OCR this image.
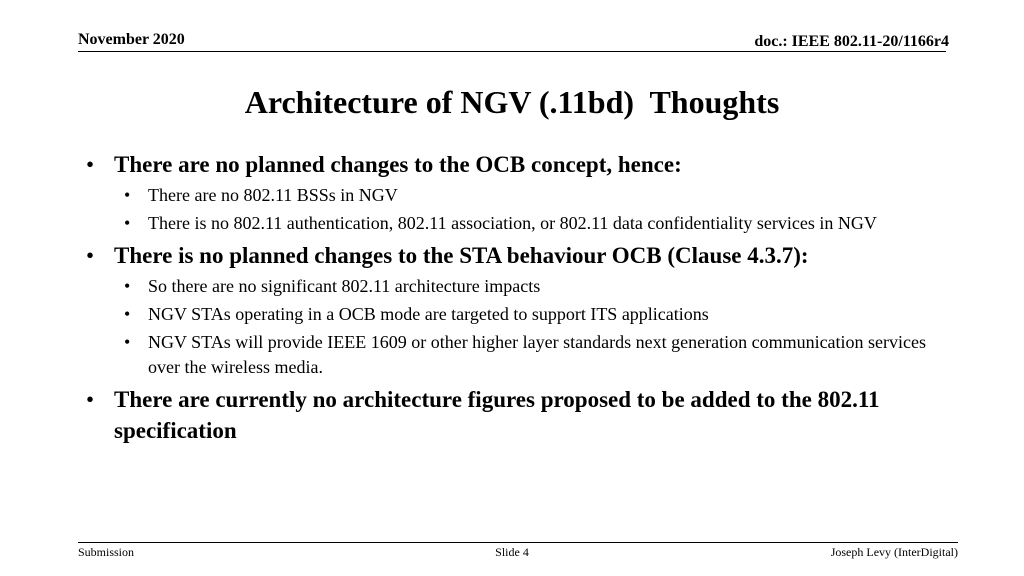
November 2020	doc.: IEEE 802.11-20/1166r4
Architecture of NGV (.11bd)  Thoughts
• There are no planned changes to the OCB concept, hence:
• There are no 802.11 BSSs in NGV
• There is no 802.11 authentication, 802.11 association, or 802.11 data confidentiality services in NGV
• There is no planned changes to the STA behaviour OCB (Clause 4.3.7):
• So there are no significant 802.11 architecture impacts
• NGV STAs operating in a OCB mode are targeted to support ITS applications
• NGV STAs will provide IEEE 1609 or other higher layer standards next generation communication services over the wireless media.
• There are currently no architecture figures proposed to be added to the 802.11 specification
Submission	Slide 4	Joseph Levy (InterDigital)
